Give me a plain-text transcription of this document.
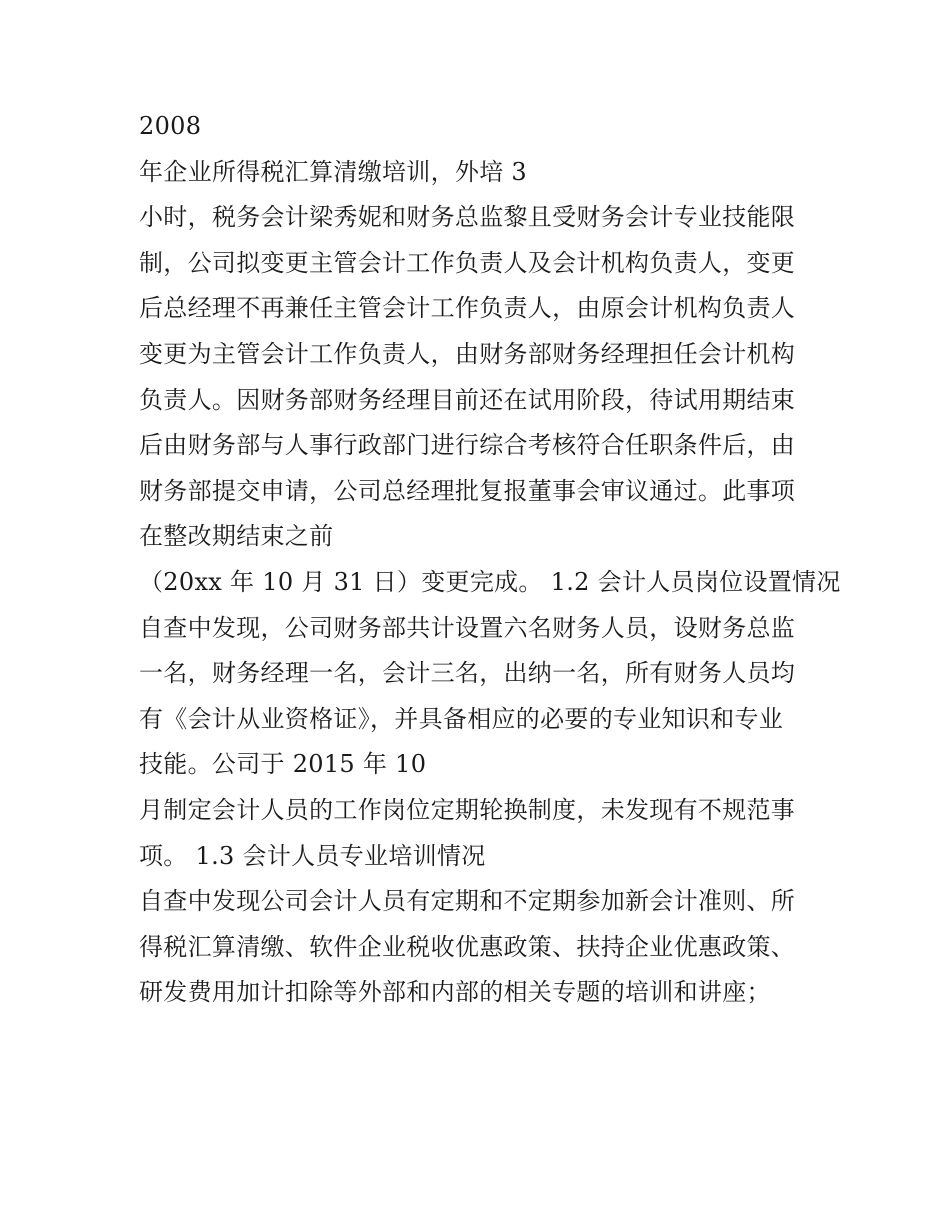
2008
年企业所得税汇算清缴培训，外培 3
小时，税务会计梁秀妮和财务总监黎且受财务会计专业技能限
制，公司拟变更主管会计工作负责人及会计机构负责人，变更
后总经理不再兼任主管会计工作负责人，由原会计机构负责人
变更为主管会计工作负责人，由财务部财务经理担任会计机构
负责人。因财务部财务经理目前还在试用阶段，待试用期结束
后由财务部与人事行政部门进行综合考核符合任职条件后，由
财务部提交申请，公司总经理批复报董事会审议通过。此事项
在整改期结束之前
（20xx 年 10 月 31 日）变更完成。 1.2 会计人员岗位设置情况
自查中发现，公司财务部共计设置六名财务人员，设财务总监
一名，财务经理一名，会计三名，出纳一名，所有财务人员均
有《会计从业资格证》，并具备相应的必要的专业知识和专业
技能。公司于 2015 年 10
月制定会计人员的工作岗位定期轮换制度，未发现有不规范事
项。 1.3 会计人员专业培训情况
自查中发现公司会计人员有定期和不定期参加新会计准则、所
得税汇算清缴、软件企业税收优惠政策、扶持企业优惠政策、
研发费用加计扣除等外部和内部的相关专题的培训和讲座；
